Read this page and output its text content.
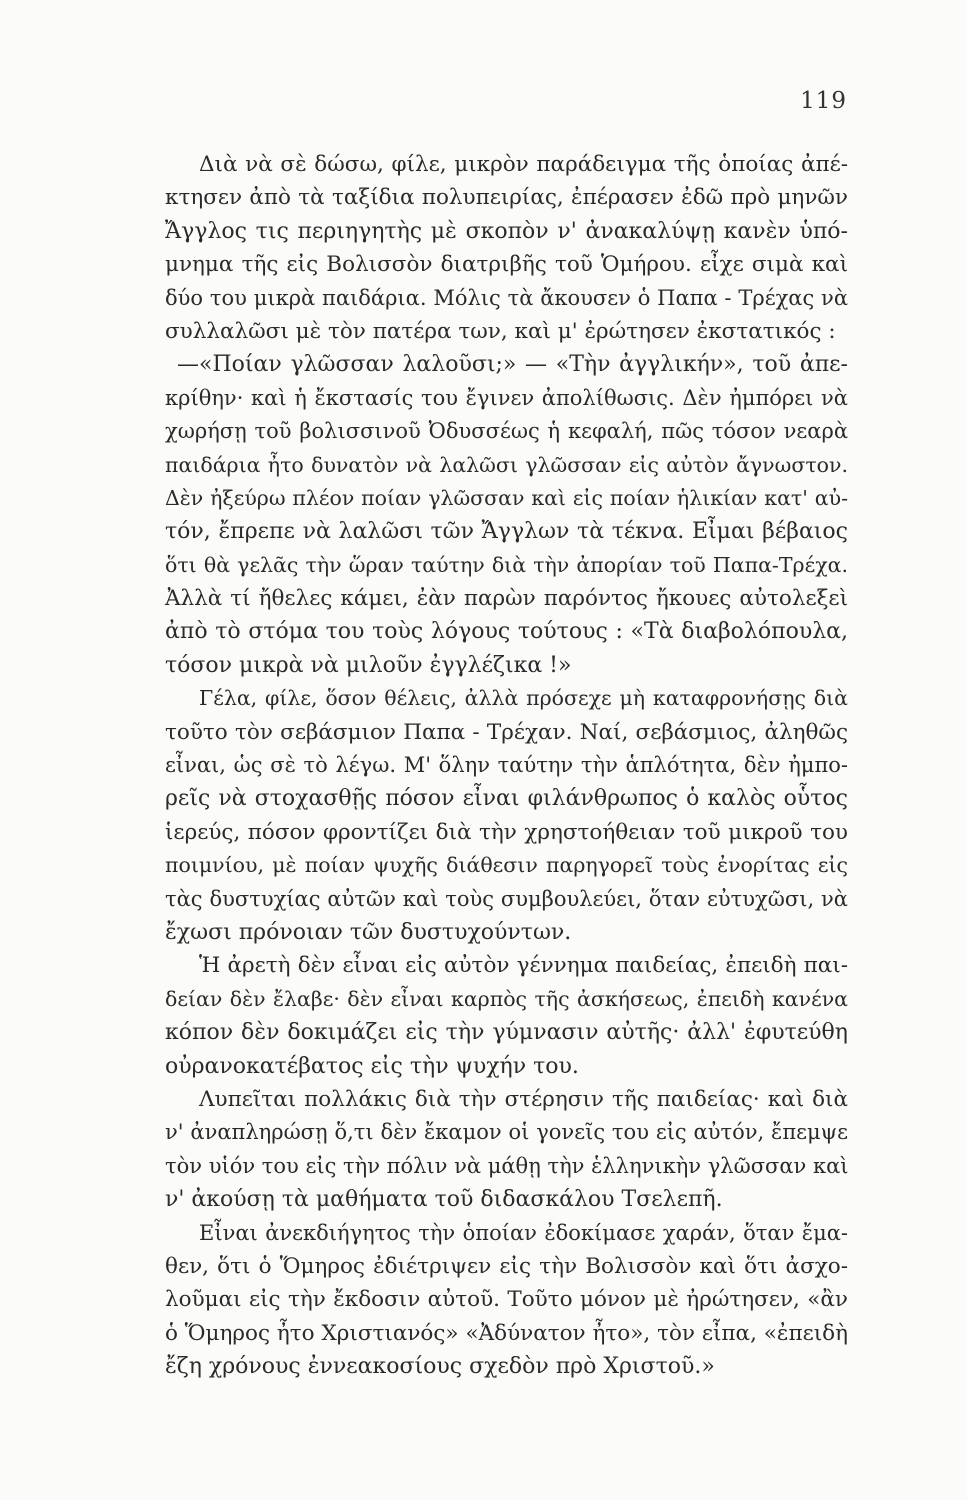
119
Διὰ νὰ σὲ δώσω, φίλε, μικρὸν παράδειγμα τῆς ὁποίας ἀπέ-
κτησεν ἀπὸ τὰ ταξίδια πολυπειρίας, ἐπέρασεν ἐδῶ πρὸ μηνῶν
Ἄγγλος τις περιηγητὴς μὲ σκοπὸν ν' ἀνακαλύψῃ κανὲν ὑπό-
μνημα τῆς εἰς Βολισσὸν διατριβῆς τοῦ Ὁμήρου. εἶχε σιμὰ καὶ
δύο του μικρὰ παιδάρια. Μόλις τὰ ἄκουσεν ὁ Παπα - Τρέχας νὰ
συλλαλῶσι μὲ τὸν πατέρα των, καὶ μ' ἐρώτησεν ἐκστατικός :
—«Ποίαν γλῶσσαν λαλοῦσι;» — «Τὴν ἀγγλικήν», τοῦ ἀπε-
κρίθην· καὶ ἡ ἔκστασίς του ἔγινεν ἀπολίθωσις. Δὲν ἠμπόρει νὰ
χωρήσῃ τοῦ βολισσινοῦ Ὀδυσσέως ἡ κεφαλή, πῶς τόσον νεαρὰ
παιδάρια ἦτο δυνατὸν νὰ λαλῶσι γλῶσσαν εἰς αὐτὸν ἄγνωστον.
Δὲν ἠξεύρω πλέον ποίαν γλῶσσαν καὶ εἰς ποίαν ἡλικίαν κατ' αὐ-
τόν, ἔπρεπε νὰ λαλῶσι τῶν Ἄγγλων τὰ τέκνα. Εἶμαι βέβαιος
ὅτι θὰ γελᾶς τὴν ὥραν ταύτην διὰ τὴν ἀπορίαν τοῦ Παπα-Τρέχα.
Ἀλλὰ τί ἤθελες κάμει, ἐὰν παρὼν παρόντος ἤκουες αὐτολεξεὶ
ἀπὸ τὸ στόμα του τοὺς λόγους τούτους : «Τὰ διαβολόπουλα,
τόσον μικρὰ νὰ μιλοῦν ἐγγλέζικα !»
Γέλα, φίλε, ὅσον θέλεις, ἀλλὰ πρόσεχε μὴ καταφρονήσῃς διὰ
τοῦτο τὸν σεβάσμιον Παπα - Τρέχαν. Ναί, σεβάσμιος, ἀληθῶς
εἶναι, ὡς σὲ τὸ λέγω. Μ' ὅλην ταύτην τὴν ἁπλότητα, δὲν ἠμπο-
ρεῖς νὰ στοχασθῇς πόσον εἶναι φιλάνθρωπος ὁ καλὸς οὗτος
ἱερεύς, πόσον φροντίζει διὰ τὴν χρηστοήθειαν τοῦ μικροῦ του
ποιμνίου, μὲ ποίαν ψυχῆς διάθεσιν παρηγορεῖ τοὺς ἐνορίτας εἰς
τὰς δυστυχίας αὐτῶν καὶ τοὺς συμβουλεύει, ὅταν εὐτυχῶσι, νὰ
ἔχωσι πρόνοιαν τῶν δυστυχούντων.
Ἡ ἀρετὴ δὲν εἶναι εἰς αὐτὸν γέννημα παιδείας, ἐπειδὴ παι-
δείαν δὲν ἔλαβε· δὲν εἶναι καρπὸς τῆς ἀσκήσεως, ἐπειδὴ κανένα
κόπον δὲν δοκιμάζει εἰς τὴν γύμνασιν αὐτῆς· ἀλλ' ἐφυτεύθη
οὐρανοκατέβατος εἰς τὴν ψυχήν του.
Λυπεῖται πολλάκις διὰ τὴν στέρησιν τῆς παιδείας· καὶ διὰ
ν' ἀναπληρώσῃ ὅ,τι δὲν ἔκαμον οἱ γονεῖς του εἰς αὐτόν, ἔπεμψε
τὸν υἱόν του εἰς τὴν πόλιν νὰ μάθῃ τὴν ἑλληνικὴν γλῶσσαν καὶ
ν' ἀκούσῃ τὰ μαθήματα τοῦ διδασκάλου Τσελεπῆ.
Εἶναι ἀνεκδιήγητος τὴν ὁποίαν ἐδοκίμασε χαράν, ὅταν ἔμα-
θεν, ὅτι ὁ Ὅμηρος ἐδιέτριψεν εἰς τὴν Βολισσὸν καὶ ὅτι ἀσχο-
λοῦμαι εἰς τὴν ἔκδοσιν αὐτοῦ. Τοῦτο μόνον μὲ ἠρώτησεν, «ἂν
ὁ Ὅμηρος ἦτο Χριστιανός» «Ἀδύνατον ἦτο», τὸν εἶπα, «ἐπειδὴ
ἔζη χρόνους ἐννεακοσίους σχεδὸν πρὸ Χριστοῦ.»
